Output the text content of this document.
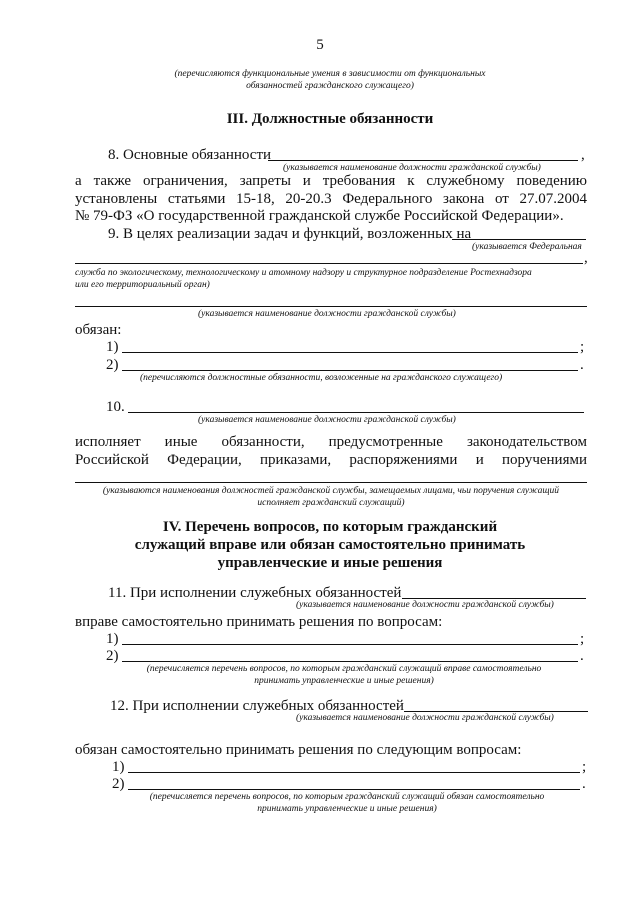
5
(перечисляются функциональные умения в зависимости от функциональных
обязанностей гражданского служащего)
III. Должностные обязанности
8. Основные обязанности	,
(указывается наименование должности гражданской службы)
а также ограничения, запреты и требования к служебному поведению
установлены статьями 15-18, 20-20.3 Федерального закона от 27.07.2004
№ 79-ФЗ «О государственной гражданской службе Российской Федерации».
9. В целях реализации задач и функций, возложенных на
(указывается Федеральная
,
служба по экологическому, технологическому и атомному надзору и структурное подразделение Ростехнадзора
или его территориальный орган)
(указывается наименование должности гражданской службы)
обязан:
1)	;
2)	.
(перечисляются должностные обязанности, возложенные на гражданского служащего)
10.
(указывается наименование должности гражданской службы)
исполняет иные обязанности, предусмотренные законодательством
Российской Федерации, приказами, распоряжениями и поручениями
(указываются наименования должностей гражданской службы, замещаемых лицами, чьи поручения служащий
исполняет гражданский служащий)
IV. Перечень вопросов, по которым гражданский
служащий вправе или обязан самостоятельно принимать
управленческие и иные решения
11. При исполнении служебных обязанностей
(указывается наименование должности гражданской службы)
вправе самостоятельно принимать решения по вопросам:
1)	;
2)	.
(перечисляется перечень вопросов, по которым гражданский служащий вправе самостоятельно
принимать управленческие и иные решения)
12. При исполнении служебных обязанностей
(указывается наименование должности гражданской службы)
обязан самостоятельно принимать решения по следующим вопросам:
1)	;
2)	.
(перечисляется перечень вопросов, по которым гражданский служащий обязан самостоятельно
принимать управленческие и иные решения)
